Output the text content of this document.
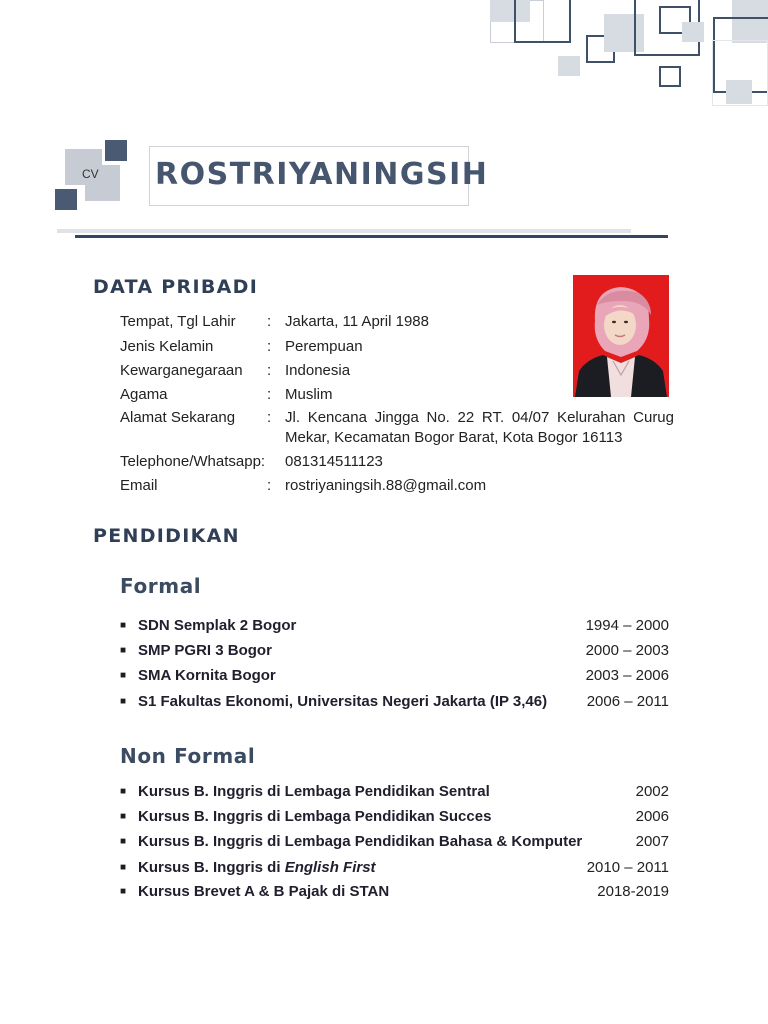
CV ROSTRIYANINGSIH
DATA PRIBADI
Tempat, Tgl Lahir	: Jakarta, 11 April 1988
Jenis Kelamin	: Perempuan
Kewarganegaraan	: Indonesia
Agama	: Muslim
Alamat Sekarang	: Jl. Kencana Jingga No. 22 RT. 04/07 Kelurahan Curug Mekar, Kecamatan Bogor Barat, Kota Bogor 16113
Telephone/Whatsapp:	081314511123
Email	: rostriyaningsih.88@gmail.com
PENDIDIKAN
Formal
■ SDN Semplak 2 Bogor	1994 – 2000
■ SMP PGRI 3 Bogor	2000 – 2003
■ SMA Kornita Bogor	2003 – 2006
■ S1 Fakultas Ekonomi, Universitas Negeri Jakarta (IP 3,46)	2006 – 2011
Non Formal
■ Kursus B. Inggris di Lembaga Pendidikan Sentral	2002
■ Kursus B. Inggris di Lembaga Pendidikan Succes	2006
■ Kursus B. Inggris di Lembaga Pendidikan Bahasa & Komputer	2007
■ Kursus B. Inggris di English First	2010 – 2011
■ Kursus Brevet A & B Pajak di STAN	2018-2019
